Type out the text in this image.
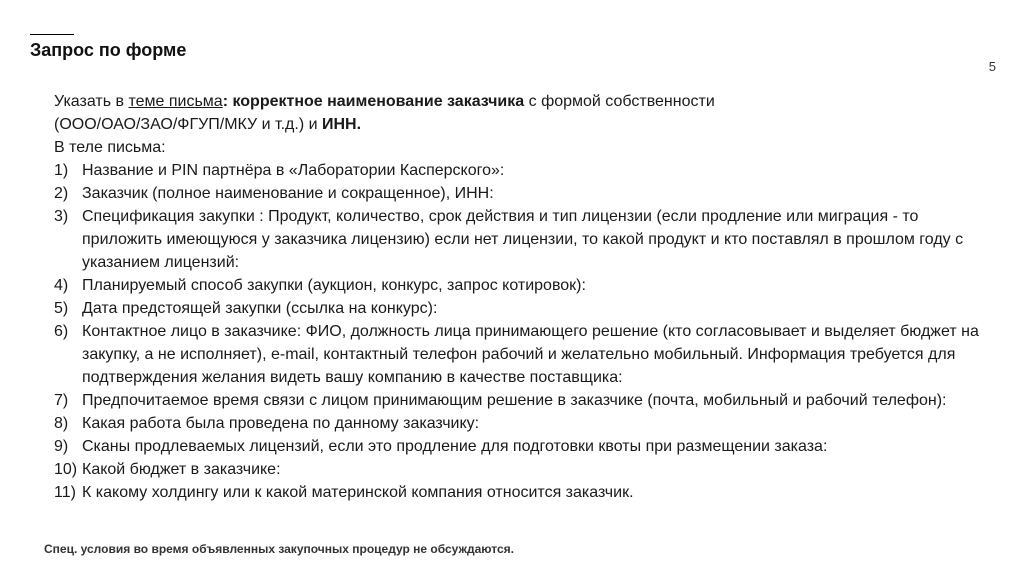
Запрос по форме
5
Указать в теме письма: корректное наименование заказчика с формой собственности
(ООО/ОАО/ЗАО/ФГУП/МКУ и т.д.) и ИНН.
В теле письма:
1) Название и PIN партнёра в «Лаборатории Касперского»:
2) Заказчик (полное наименование и сокращенное), ИНН:
3) Спецификация закупки : Продукт, количество, срок действия и тип лицензии (если продление или миграция - то приложить имеющуюся у заказчика лицензию) если нет лицензии, то какой продукт и кто поставлял в прошлом году с указанием лицензий:
4) Планируемый способ закупки (аукцион, конкурс, запрос котировок):
5) Дата предстоящей закупки (ссылка на конкурс):
6) Контактное лицо в заказчике: ФИО, должность лица принимающего решение (кто согласовывает и выделяет бюджет на закупку, а не исполняет), e-mail, контактный телефон рабочий и желательно мобильный. Информация требуется для подтверждения желания видеть вашу компанию в качестве поставщика:
7) Предпочитаемое время связи с лицом принимающим решение в заказчике (почта, мобильный и рабочий телефон):
8) Какая работа была проведена по данному заказчику:
9) Сканы продлеваемых лицензий, если это продление для подготовки квоты при размещении заказа:
10) Какой бюджет в заказчике:
11) К какому холдингу или к какой материнской компания относится заказчик.
Спец. условия во время объявленных закупочных процедур не обсуждаются.
